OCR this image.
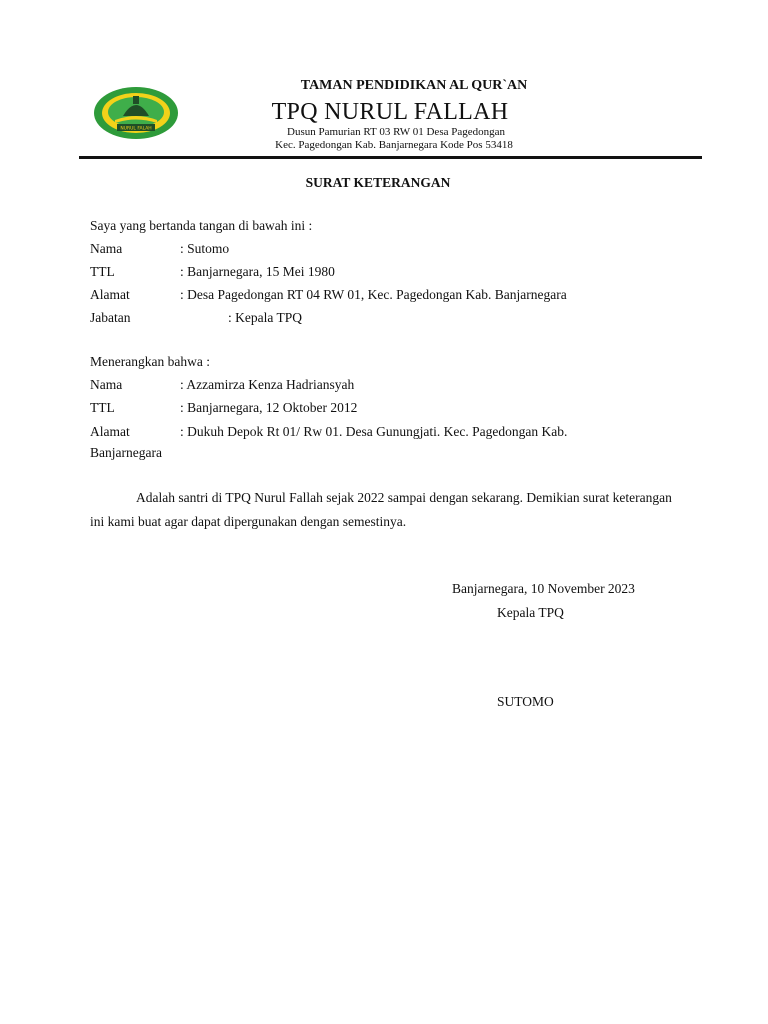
NURUL FALAH
TAMAN PENDIDIKAN AL QUR`AN
TPQ NURUL FALLAH
Dusun Pamurian RT 03 RW 01 Desa Pagedongan
Kec. Pagedongan Kab. Banjarnegara Kode Pos 53418
SURAT KETERANGAN
Saya yang bertanda tangan di bawah ini :
Nama	: Sutomo
TTL	: Banjarnegara, 15 Mei 1980
Alamat	: Desa Pagedongan RT 04 RW 01, Kec. Pagedongan Kab. Banjarnegara
Jabatan	: Kepala TPQ
Menerangkan bahwa :
Nama	: Azzamirza Kenza Hadriansyah
TTL	: Banjarnegara, 12 Oktober 2012
Alamat	: Dukuh Depok Rt 01/ Rw 01. Desa Gunungjati. Kec. Pagedongan Kab.
Banjarnegara
Adalah santri di TPQ Nurul Fallah sejak 2022 sampai dengan sekarang. Demikian surat keterangan ini kami buat agar dapat dipergunakan dengan semestinya.
Banjarnegara, 10 November 2023
Kepala TPQ
SUTOMO
